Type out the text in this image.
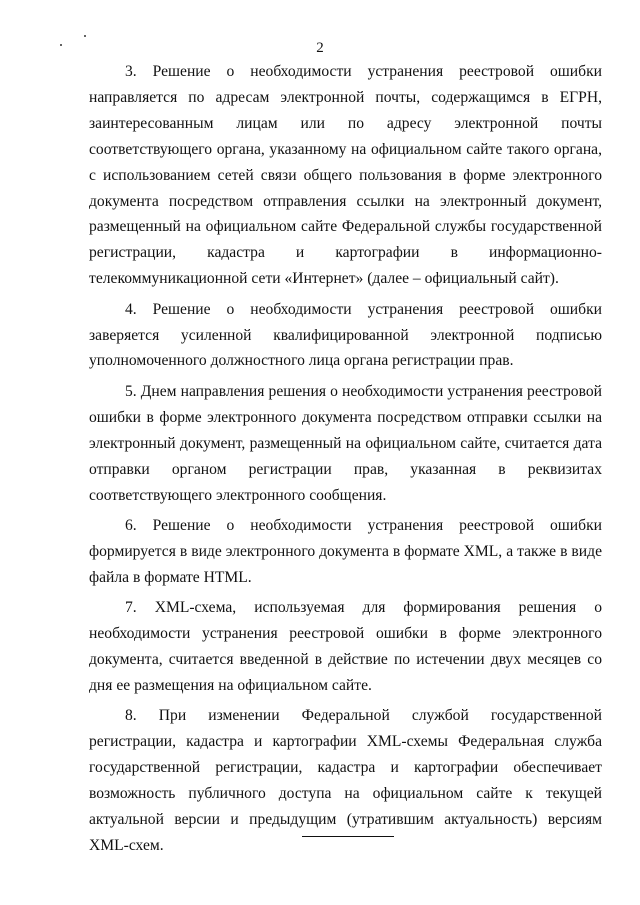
2

3. Решение о необходимости устранения реестровой ошибки направляется по адресам электронной почты, содержащимся в ЕГРН, заинтересованным лицам или по адресу электронной почты соответствующего органа, указанному на официальном сайте такого органа, с использованием сетей связи общего пользования в форме электронного документа посредством отправления ссылки на электронный документ, размещенный на официальном сайте Федеральной службы государственной регистрации, кадастра и картографии в информационно-телекоммуникационной сети «Интернет» (далее – официальный сайт).

4. Решение о необходимости устранения реестровой ошибки заверяется усиленной квалифицированной электронной подписью уполномоченного должностного лица органа регистрации прав.

5. Днем направления решения о необходимости устранения реестровой ошибки в форме электронного документа посредством отправки ссылки на электронный документ, размещенный на официальном сайте, считается дата отправки органом регистрации прав, указанная в реквизитах соответствующего электронного сообщения.

6. Решение о необходимости устранения реестровой ошибки формируется в виде электронного документа в формате XML, а также в виде файла в формате HTML.

7. XML-схема, используемая для формирования решения о необходимости устранения реестровой ошибки в форме электронного документа, считается введенной в действие по истечении двух месяцев со дня ее размещения на официальном сайте.

8. При изменении Федеральной службой государственной регистрации, кадастра и картографии XML-схемы Федеральная служба государственной регистрации, кадастра и картографии обеспечивает возможность публичного доступа на официальном сайте к текущей актуальной версии и предыдущим (утратившим актуальность) версиям XML-схем.
